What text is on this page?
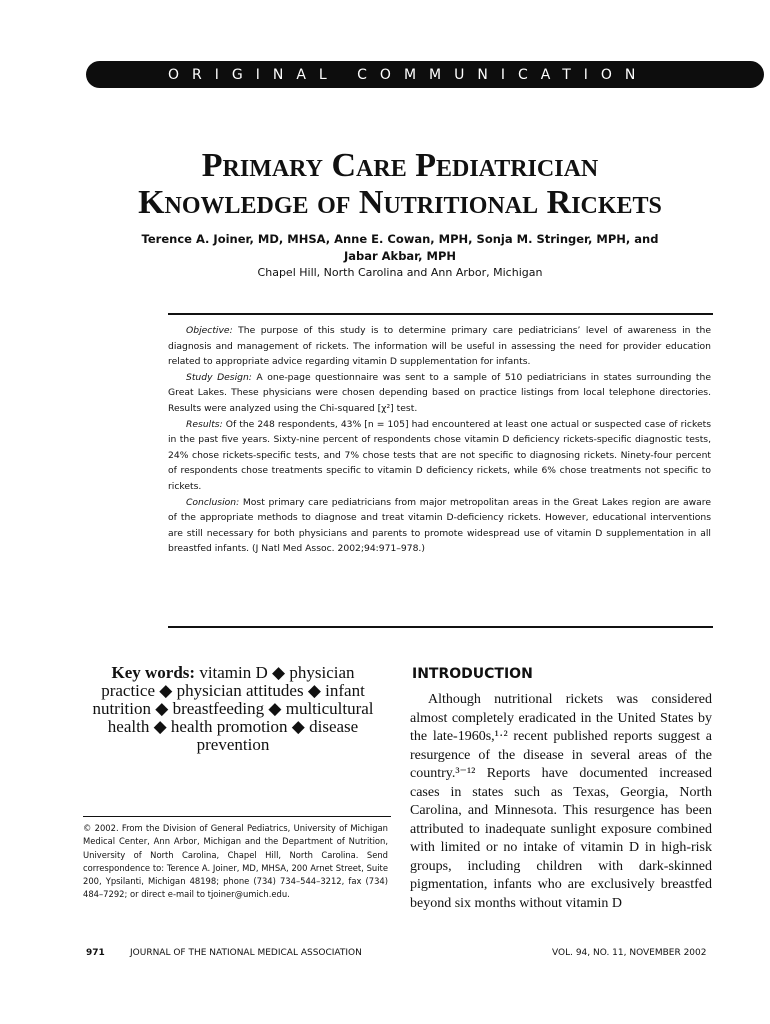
ORIGINAL COMMUNICATION
Primary Care Pediatrician
Knowledge of Nutritional Rickets
Terence A. Joiner, MD, MHSA, Anne E. Cowan, MPH, Sonja M. Stringer, MPH, and Jabar Akbar, MPH
Chapel Hill, North Carolina and Ann Arbor, Michigan

Objective: The purpose of this study is to determine primary care pediatricians’ level of awareness in the diagnosis and management of rickets. The information will be useful in assessing the need for provider education related to appropriate advice regarding vitamin D supplementation for infants.

Study Design: A one-page questionnaire was sent to a sample of 510 pediatricians in states surrounding the Great Lakes. These physicians were chosen depending based on practice listings from local telephone directories. Results were analyzed using the Chi-squared [χ²] test.

Results: Of the 248 respondents, 43% [n = 105] had encountered at least one actual or suspected case of rickets in the past five years. Sixty-nine percent of respondents chose vitamin D deficiency rickets-specific diagnostic tests, 24% chose rickets-specific tests, and 7% chose tests that are not specific to diagnosing rickets. Ninety-four percent of respondents chose treatments specific to vitamin D deficiency rickets, while 6% chose treatments not specific to rickets.

Conclusion: Most primary care pediatricians from major metropolitan areas in the Great Lakes region are aware of the appropriate methods to diagnose and treat vitamin D-deficiency rickets. However, educational interventions are still necessary for both physicians and parents to promote widespread use of vitamin D supplementation in all breastfed infants. (J Natl Med Assoc. 2002;94:971–978.)

Key words: vitamin D ◆ physician practice ◆ physician attitudes ◆ infant nutrition ◆ breastfeeding ◆ multicultural health ◆ health promotion ◆ disease prevention

© 2002. From the Division of General Pediatrics, University of Michigan Medical Center, Ann Arbor, Michigan and the Department of Nutrition, University of North Carolina, Chapel Hill, North Carolina. Send correspondence to: Terence A. Joiner, MD, MHSA, 200 Arnet Street, Suite 200, Ypsilanti, Michigan 48198; phone (734) 734–544–3212, fax (734) 484–7292; or direct e-mail to tjoiner@umich.edu.

INTRODUCTION

Although nutritional rickets was considered almost completely eradicated in the United States by the late-1960s,¹·² recent published reports suggest a resurgence of the disease in several areas of the country.³⁻¹² Reports have documented increased cases in states such as Texas, Georgia, North Carolina, and Minnesota. This resurgence has been attributed to inadequate sunlight exposure combined with limited or no intake of vitamin D in high-risk groups, including children with dark-skinned pigmentation, infants who are exclusively breastfed beyond six months without vitamin D

971	JOURNAL OF THE NATIONAL MEDICAL ASSOCIATION	VOL. 94, NO. 11, NOVEMBER 2002
